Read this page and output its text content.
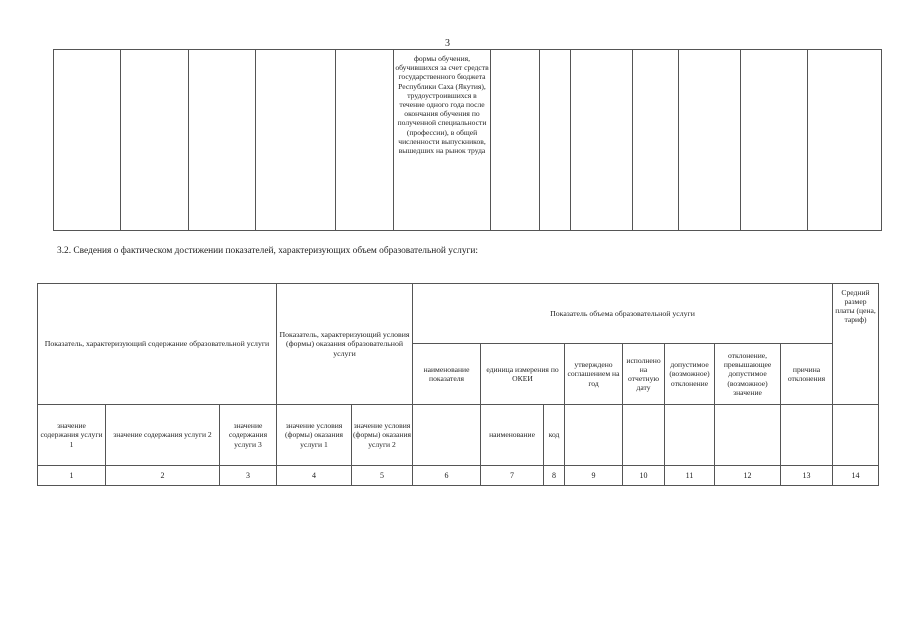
3
					формы обучения, обучившихся за счет средств государственного бюджета Республики Саха (Якутия), трудоустроившихся в течение одного года после окончания обучения по полученной специальности (профессии), в общей численности выпускников, вышедших на рынок труда							
3.2. Сведения о фактическом достижении показателей, характеризующих объем образовательной услуги:
Показатель, характеризующий содержание образовательной услуги			Показатель, характеризующий условия (формы) оказания образовательной услуги		Показатель объема образовательной услуги								Средний размер платы (цена, тариф)
					наименование показателя	единица измерения по ОКЕИ		утверждено соглашением на год	исполнено на отчетную дату	допустимое (возможное) отклонение	отклонение, превышающее допустимое (возможное) значение	причина отклонения	
значение содержания услуги 1	значение содержания услуги 2	значение содержания услуги 3	значение условия (формы) оказания услуги 1	значение условия (формы) оказания услуги 2		наименование	код						
1	2	3	4	5	6	7	8	9	10	11	12	13	14
